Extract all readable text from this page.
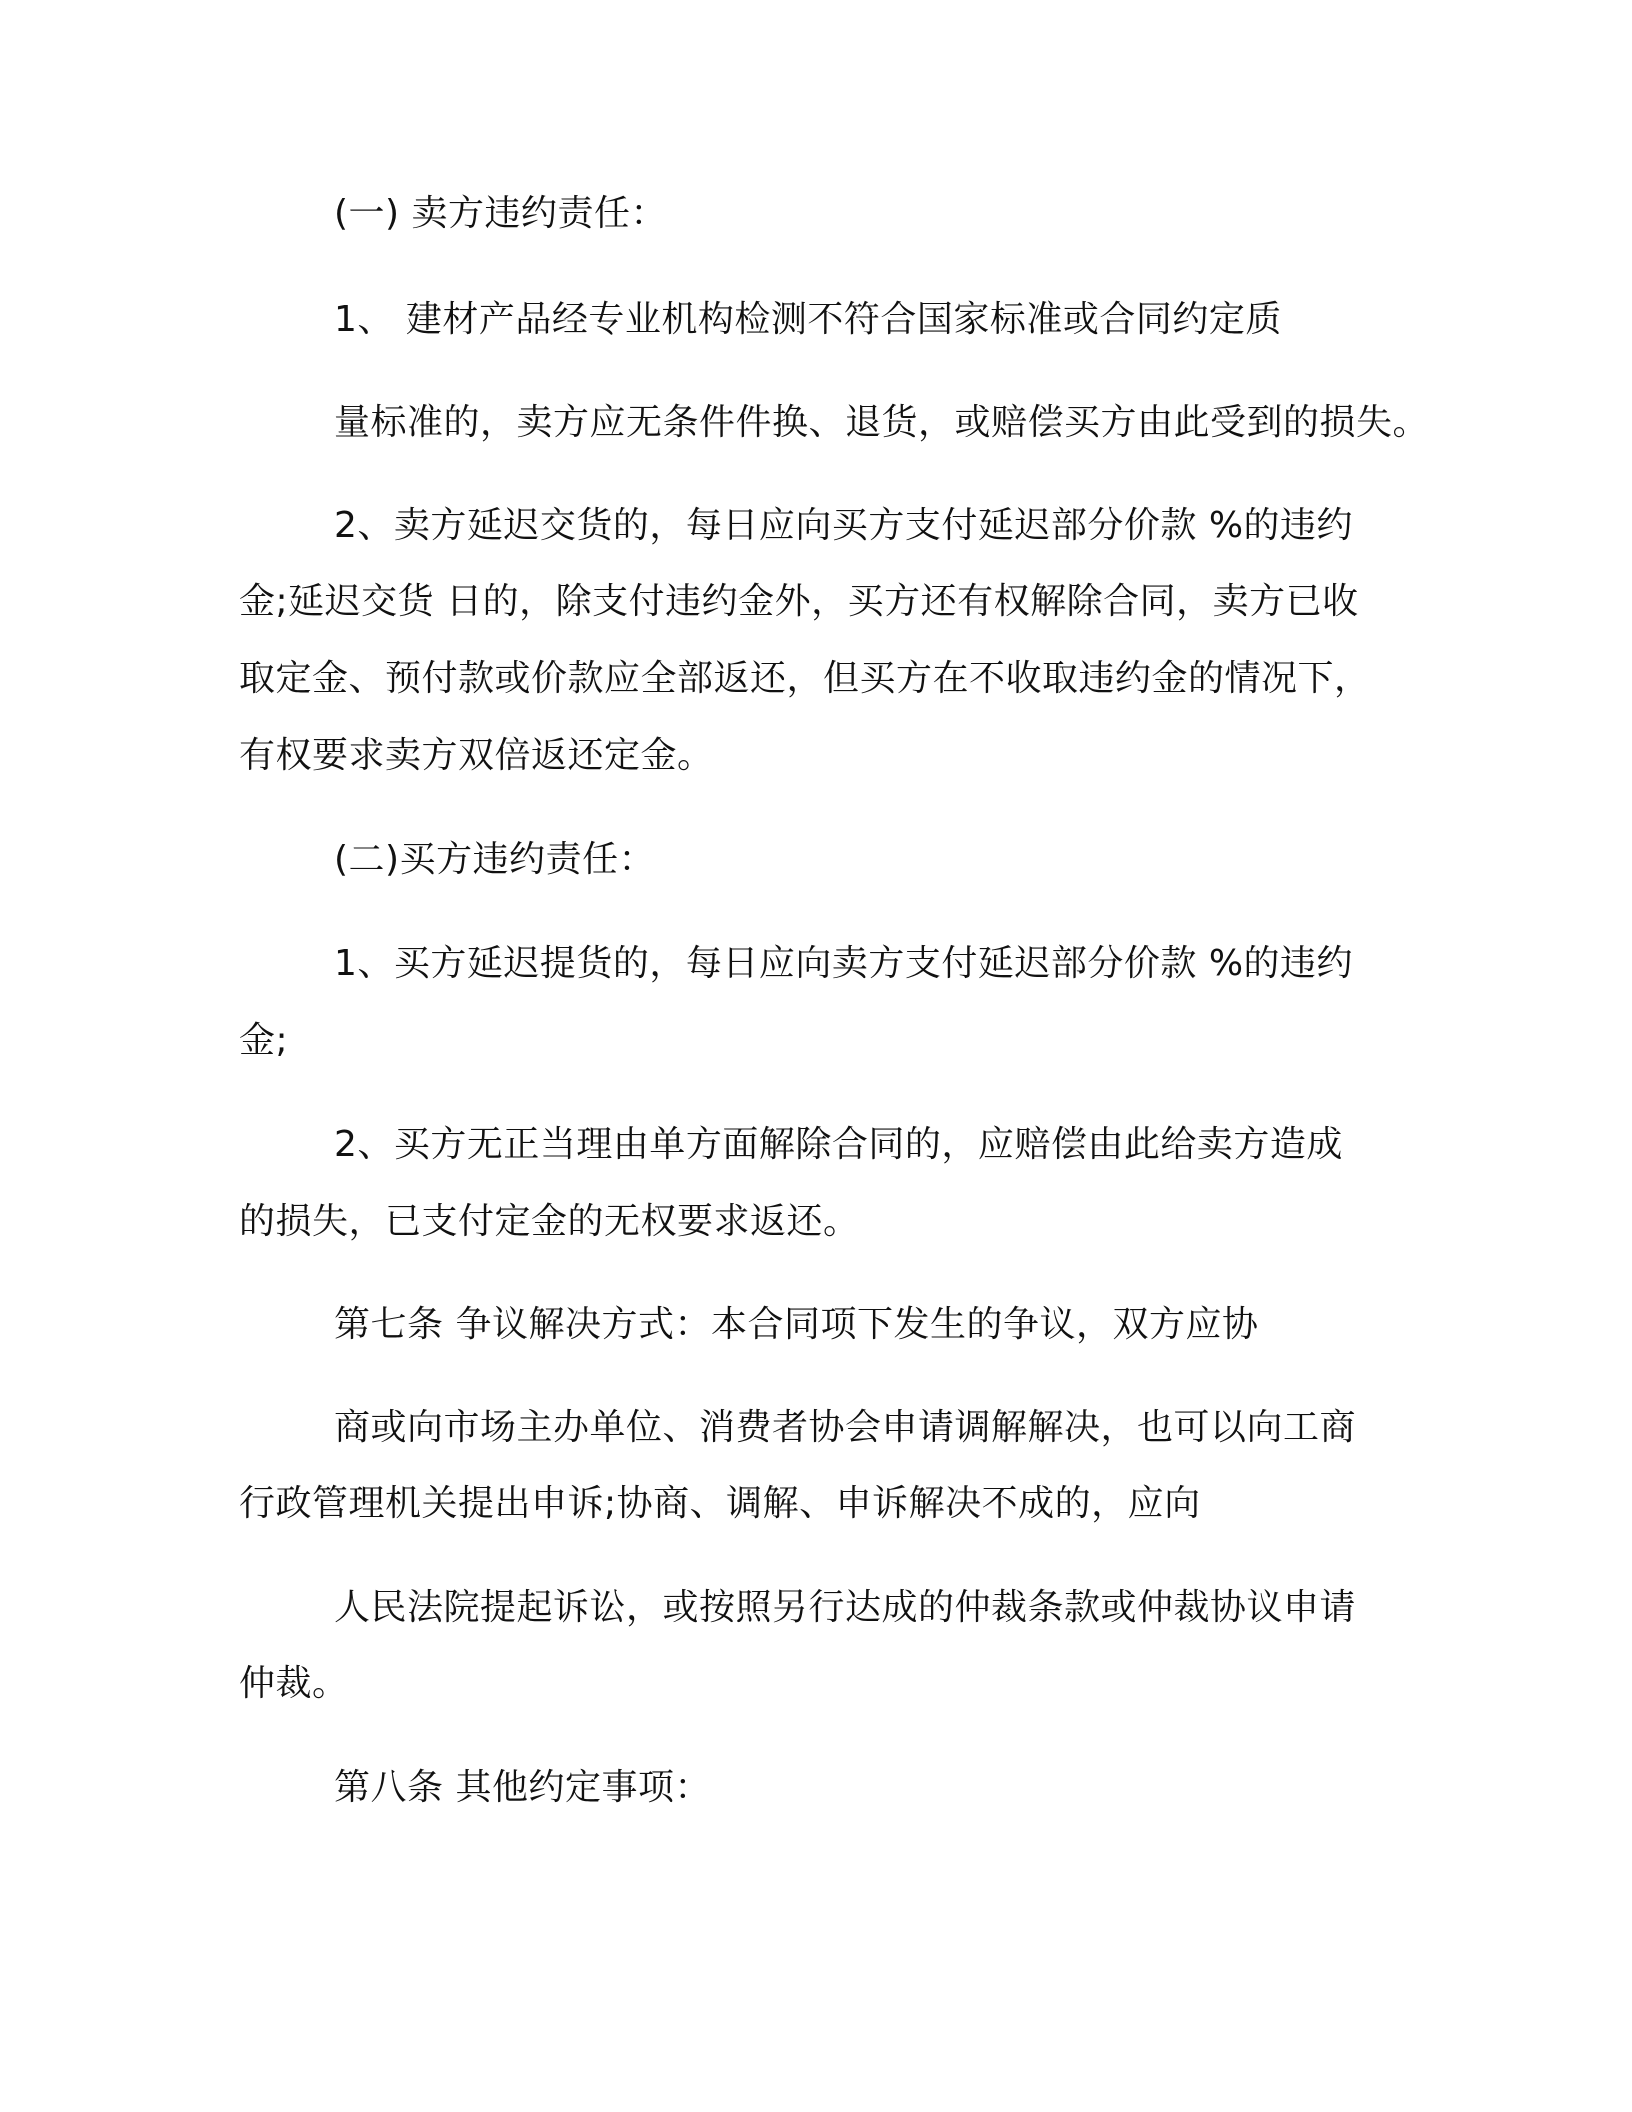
(一) 卖方违约责任：
1、 建材产品经专业机构检测不符合国家标准或合同约定质
量标准的，卖方应无条件件换、退货，或赔偿买方由此受到的损失。
2、卖方延迟交货的，每日应向买方支付延迟部分价款 %的违约
金;延迟交货 日的，除支付违约金外，买方还有权解除合同，卖方已收
取定金、预付款或价款应全部返还，但买方在不收取违约金的情况下，
有权要求卖方双倍返还定金。
(二)买方违约责任：
1、买方延迟提货的，每日应向卖方支付延迟部分价款 %的违约
金;
2、买方无正当理由单方面解除合同的，应赔偿由此给卖方造成
的损失，已支付定金的无权要求返还。
第七条 争议解决方式：本合同项下发生的争议，双方应协
商或向市场主办单位、消费者协会申请调解解决，也可以向工商
行政管理机关提出申诉;协商、调解、申诉解决不成的，应向
人民法院提起诉讼，或按照另行达成的仲裁条款或仲裁协议申请
仲裁。
第八条 其他约定事项：
